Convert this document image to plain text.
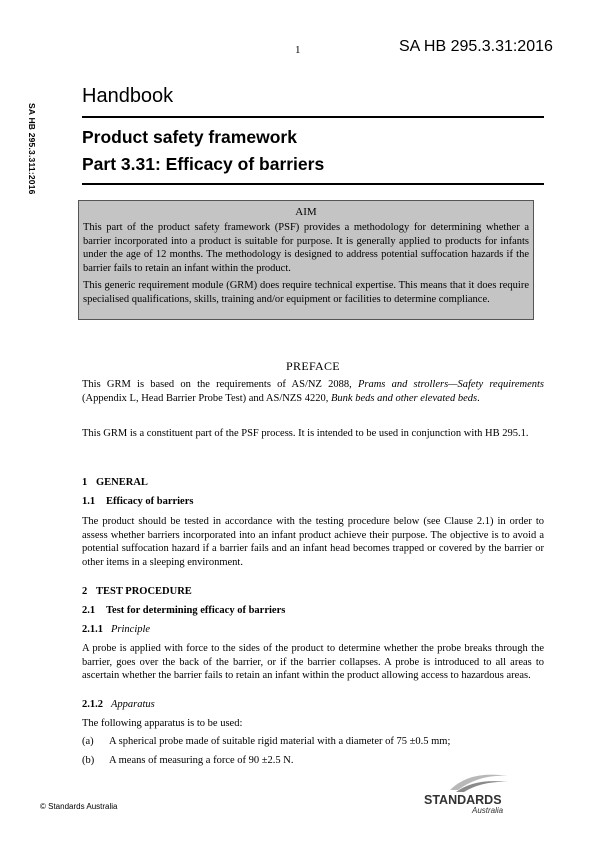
1	SA HB 295.3.31:2016
SA HB 295.3.311:2016
Handbook
Product safety framework
Part 3.31: Efficacy of barriers
AIM

This part of the product safety framework (PSF) provides a methodology for determining whether a barrier incorporated into a product is suitable for purpose. It is generally applied to products for infants under the age of 12 months. The methodology is designed to address potential suffocation hazards if the barrier fails to retain an infant within the product.

This generic requirement module (GRM) does require technical expertise. This means that it does require specialised qualifications, skills, training and/or equipment or facilities to determine compliance.

PREFACE

This GRM is based on the requirements of AS/NZ 2088, Prams and strollers—Safety requirements (Appendix L, Head Barrier Probe Test) and AS/NZS 4220, Bunk beds and other elevated beds.

This GRM is a constituent part of the PSF process. It is intended to be used in conjunction with HB 295.1.

1 GENERAL

1.1 Efficacy of barriers

The product should be tested in accordance with the testing procedure below (see Clause 2.1) in order to assess whether barriers incorporated into an infant product achieve their purpose. The objective is to avoid a potential suffocation hazard if a barrier fails and an infant head becomes trapped or covered by the barrier or other items in a sleeping environment.

2 TEST PROCEDURE

2.1 Test for determining efficacy of barriers

2.1.1 Principle

A probe is applied with force to the sides of the product to determine whether the probe breaks through the barrier, goes over the back of the barrier, or if the barrier collapses. A probe is introduced to all areas to ascertain whether the barrier fails to retain an infant within the product allowing access to hazardous areas.

2.1.2 Apparatus

The following apparatus is to be used:

(a) A spherical probe made of suitable rigid material with a diameter of 75 ±0.5 mm;
(b) A means of measuring a force of 90 ±2.5 N.
© Standards Australia	STANDARDS
Australia
